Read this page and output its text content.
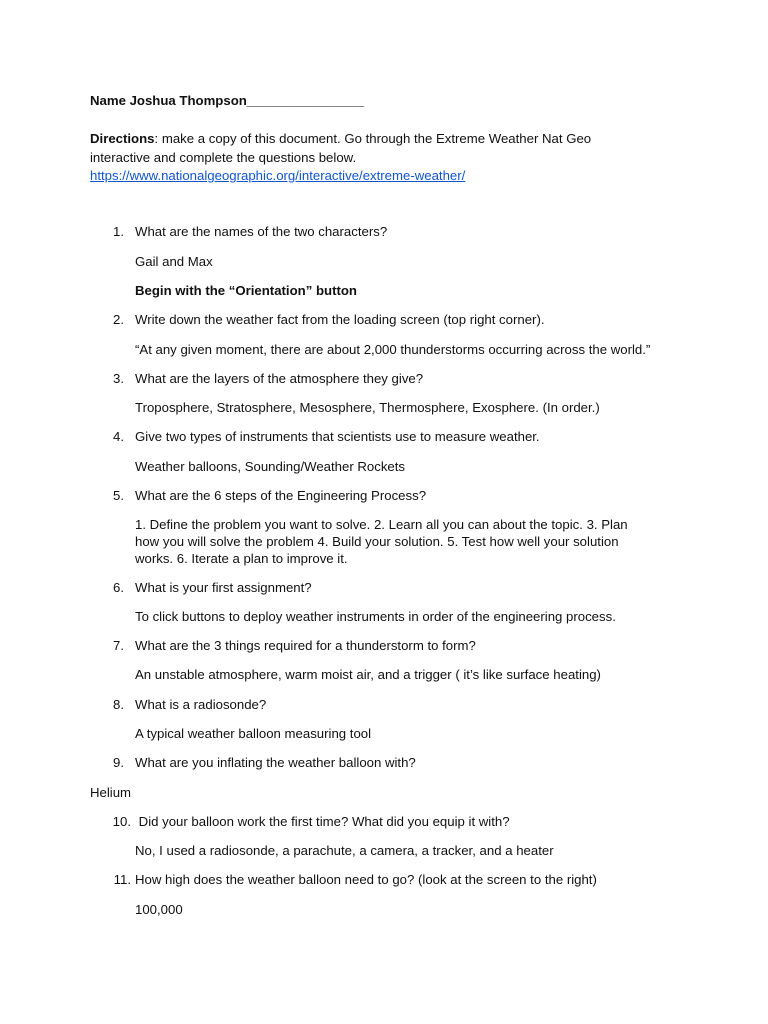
Name Joshua Thompson________________

Directions: make a copy of this document. Go through the Extreme Weather Nat Geo

interactive and complete the questions below.

https://www.nationalgeographic.org/interactive/extreme-weather/
1. What are the names of the two characters?
Gail and Max
Begin with the “Orientation” button
2. Write down the weather fact from the loading screen (top right corner).
“At any given moment, there are about 2,000 thunderstorms occurring across the world.”
3. What are the layers of the atmosphere they give?
Troposphere, Stratosphere, Mesosphere, Thermosphere, Exosphere. (In order.)
4. Give two types of instruments that scientists use to measure weather.
Weather balloons, Sounding/Weather Rockets
5. What are the 6 steps of the Engineering Process?
1. Define the problem you want to solve. 2. Learn all you can about the topic. 3. Plan
how you will solve the problem 4. Build your solution. 5. Test how well your solution
works. 6. Iterate a plan to improve it.
6. What is your first assignment?
To click buttons to deploy weather instruments in order of the engineering process.
7. What are the 3 things required for a thunderstorm to form?
An unstable atmosphere, warm moist air, and a trigger ( it’s like surface heating)
8. What is a radiosonde?
A typical weather balloon measuring tool
9. What are you inflating the weather balloon with?
Helium
10. Did your balloon work the first time? What did you equip it with?
No, I used a radiosonde, a parachute, a camera, a tracker, and a heater
11. How high does the weather balloon need to go? (look at the screen to the right)
100,000
